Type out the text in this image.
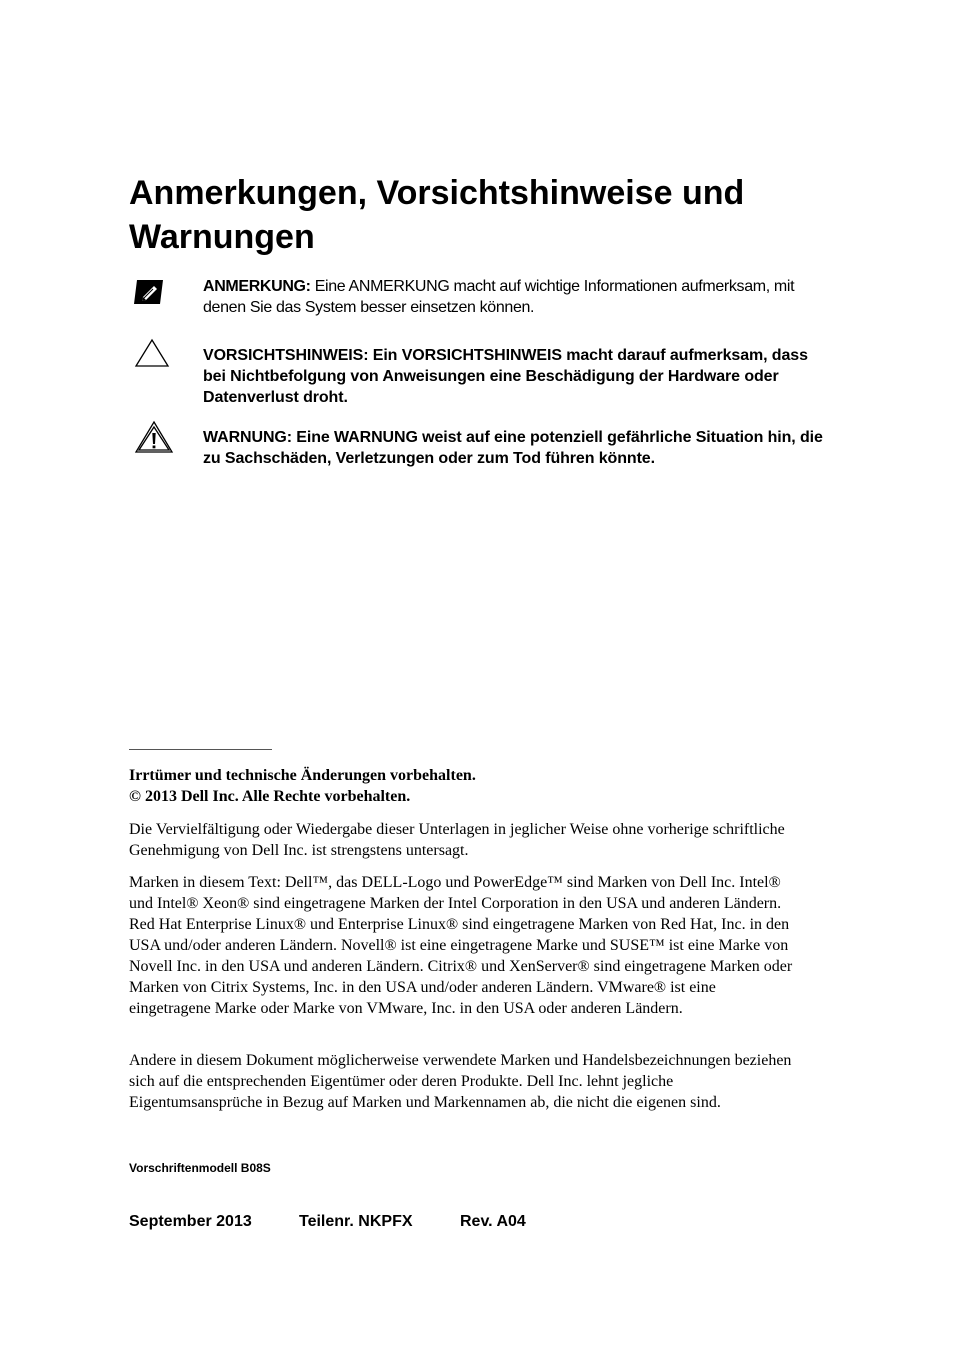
Anmerkungen, Vorsichtshinweise und Warnungen
ANMERKUNG: Eine ANMERKUNG macht auf wichtige Informationen aufmerksam, mit denen Sie das System besser einsetzen können.
VORSICHTSHINWEIS: Ein VORSICHTSHINWEIS macht darauf aufmerksam, dass bei Nichtbefolgung von Anweisungen eine Beschädigung der Hardware oder Datenverlust droht.
WARNUNG: Eine WARNUNG weist auf eine potenziell gefährliche Situation hin, die zu Sachschäden, Verletzungen oder zum Tod führen könnte.
Irrtümer und technische Änderungen vorbehalten.
© 2013 Dell Inc. Alle Rechte vorbehalten.

Die Vervielfältigung oder Wiedergabe dieser Unterlagen in jeglicher Weise ohne vorherige schriftliche Genehmigung von Dell Inc. ist strengstens untersagt.

Marken in diesem Text: Dell™, das DELL-Logo und PowerEdge™ sind Marken von Dell Inc. Intel® und Intel® Xeon® sind eingetragene Marken der Intel Corporation in den USA und anderen Ländern. Red Hat Enterprise Linux® und Enterprise Linux® sind eingetragene Marken von Red Hat, Inc. in den USA und/oder anderen Ländern. Novell® ist eine eingetragene Marke und SUSE™ ist eine Marke von Novell Inc. in den USA und anderen Ländern. Citrix® und XenServer® sind eingetragene Marken oder Marken von Citrix Systems, Inc. in den USA und/oder anderen Ländern. VMware® ist eine eingetragene Marke oder Marke von VMware, Inc. in den USA oder anderen Ländern.

Andere in diesem Dokument möglicherweise verwendete Marken und Handelsbezeichnungen beziehen sich auf die entsprechenden Eigentümer oder deren Produkte. Dell Inc. lehnt jegliche Eigentumsansprüche in Bezug auf Marken und Markennamen ab, die nicht die eigenen sind.

Vorschriftenmodell B08S
September 2013	Teilenr. NKPFX	Rev. A04
